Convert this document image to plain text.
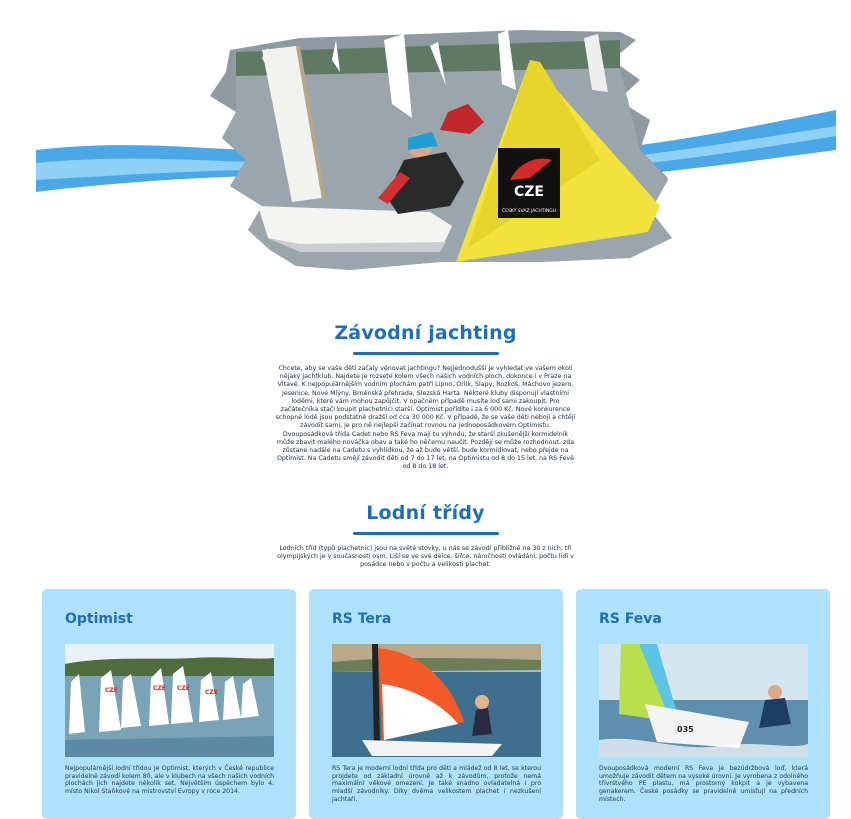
CZE
ČESKÝ SVAZ JACHTINGU
Závodní jachting

Chcete, aby se vaše děti začaly věnovat jachtingu? Nejjednodušší je vyhledat ve vašem okolí nějaký jachtklub. Najdete je rozseté kolem všech našich vodních ploch, dokonce i v Praze na Vltavě. K nejpopulárnějším vodním plochám patří Lipno, Orlík, Slapy, Rozkoš, Máchovo jezero, Jesenice, Nové Mlýny, Brněnská přehrada, Slezská Harta. Některé kluby disponují vlastními loděmi, které vám mohou zapůjčit. V opačném případě musíte loď sami zakoupit. Pro začátečníka stačí koupit plachetnici starší. Optimist pořídíte i za 6 000 Kč. Nové konkurence schopné lodě jsou podstatně dražší od cca 30 000 Kč. V případě, že se vaše děti nebojí a chtějí závodit sami, je pro ně nejlepší začínat rovnou na jednoposádkovém Optimistu. Dvouposádková třída Cadet nebo RS Feva mají tu výhodu, že starší zkušenější kormidelník může zbavit malého nováčka obav a také ho něčemu naučit. Později se může rozhodnout, zda zůstane nadále na Cadetu s vyhlídkou, že až bude větší, bude kormidlovat, nebo přejde na Optimist. Na Cadetu smějí závodit děti od 7 do 17 let, na Optimistu od 8 do 15 let, na RS Fevě od 8 do 18 let.

Lodní třídy

Lodních tříd (typů plachetnic) jsou na světě stovky, u nás se závodí přibližně na 30 z nich, tři olympijských je v současnosti osm. Liší se ve své délce, šířce, náročnosti ovládání, počtu lidí v posádce nebo v počtu a velikosti plachet.

Optimist
CZE	CZE CZE
CZE

Nejpopulárnější lodní třídou je Optimist, kterých v České republice pravidelně závodí kolem 80, ale v klubech na všech našich vodních plochách jich najdete několik set. Největším úspěchem bylo 4. místo Nikol Staňkové na mistrovství Evropy v roce 2014.

RS Tera

RS Tera je moderní lodní třída pro děti a mládež od 8 let, se kterou projdete od základní úrovně až k závodům, protože nemá maximální věkové omezení. Je také snadno ovladatelná i pro mladší závodníky. Díky dvěma velikostem plachet i nezkušení jachtaři.

RS Feva
035

Dvouposádková moderní RS Feva je bezúdržbová loď, která umožňuje závodit dětem na vysoké úrovni. Je vyrobena z odolného třívrstvého PE plastu, má prostorný kokpit a je vybavena genakerem. České posádky se pravidelně umisťují na předních místech.
